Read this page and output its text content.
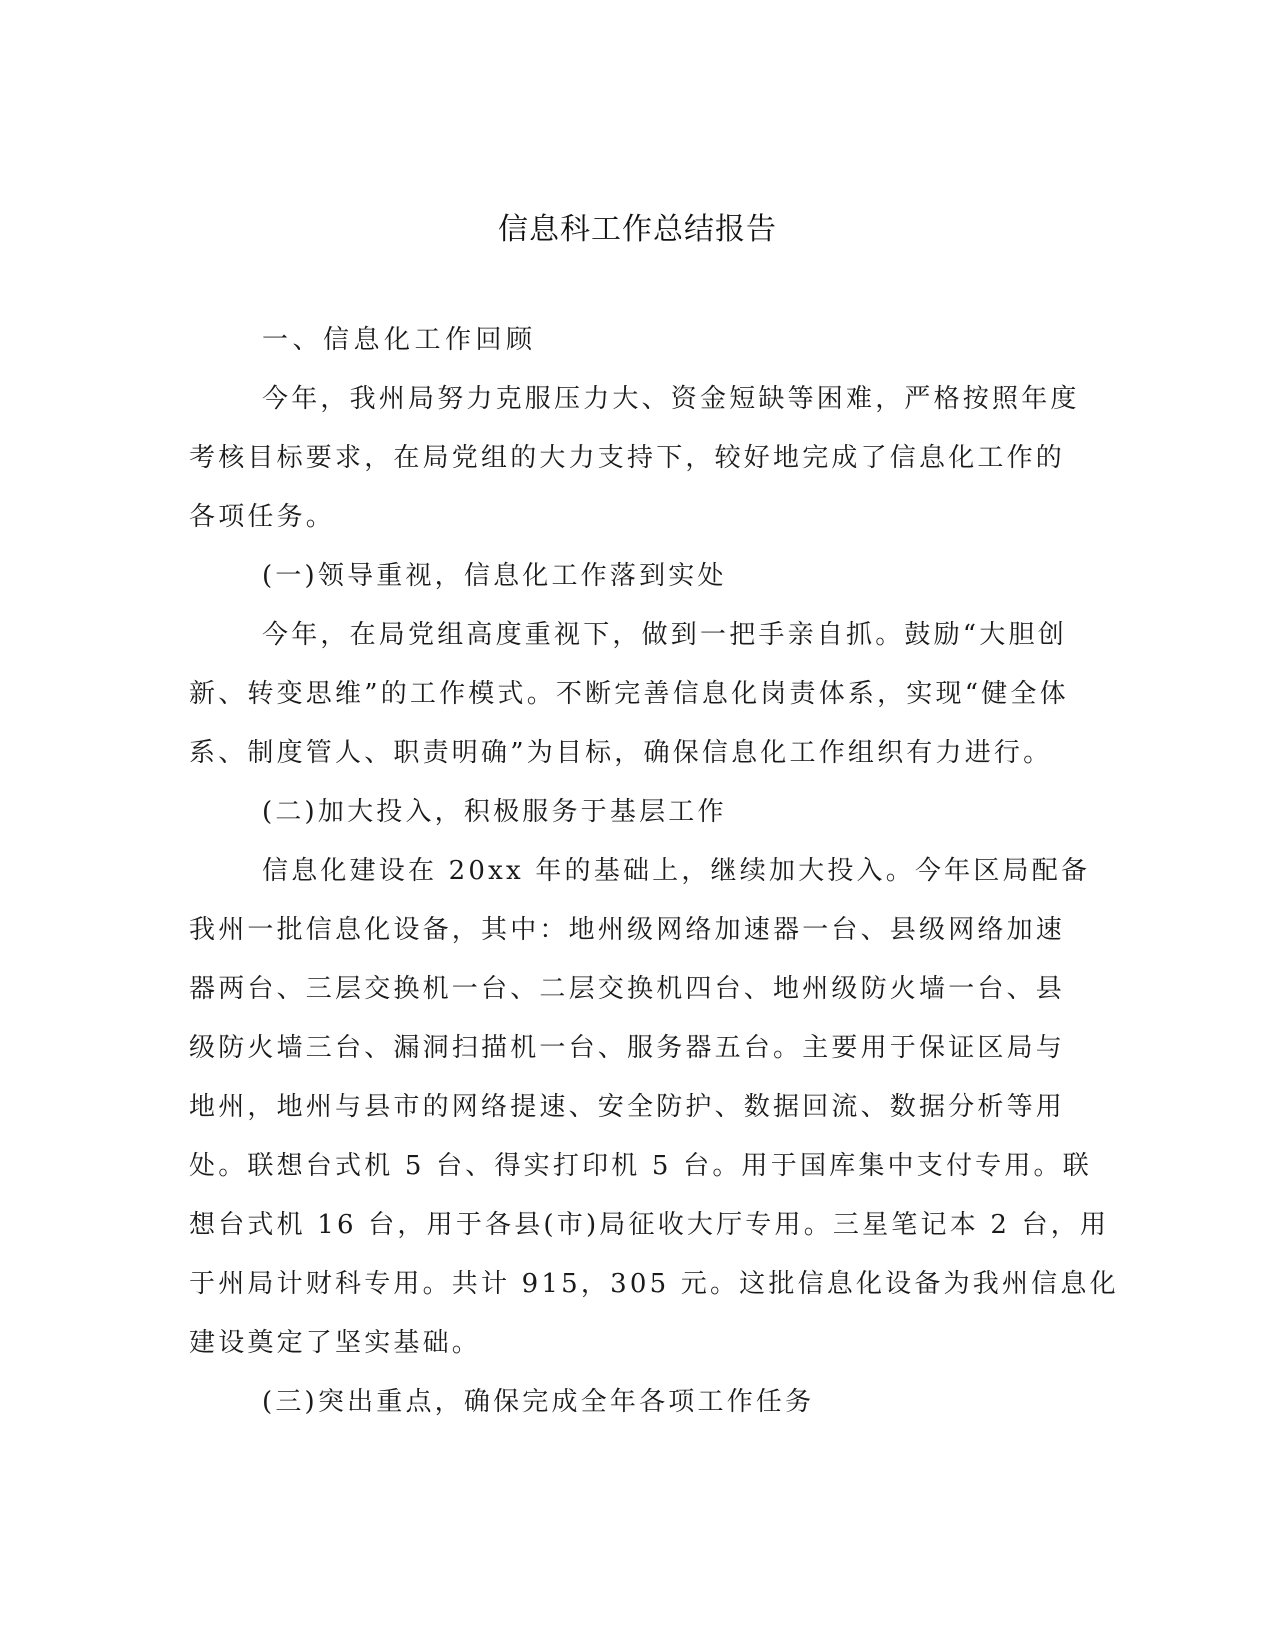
信息科工作总结报告
一、信息化工作回顾
今年，我州局努力克服压力大、资金短缺等困难，严格按照年度
考核目标要求，在局党组的大力支持下，较好地完成了信息化工作的
各项任务。
(一)领导重视，信息化工作落到实处
今年，在局党组高度重视下，做到一把手亲自抓。鼓励“大胆创
新、转变思维”的工作模式。不断完善信息化岗责体系，实现“健全体
系、制度管人、职责明确”为目标，确保信息化工作组织有力进行。
(二)加大投入，积极服务于基层工作
信息化建设在 20xx 年的基础上，继续加大投入。今年区局配备
我州一批信息化设备，其中：地州级网络加速器一台、县级网络加速
器两台、三层交换机一台、二层交换机四台、地州级防火墙一台、县
级防火墙三台、漏洞扫描机一台、服务器五台。主要用于保证区局与
地州，地州与县市的网络提速、安全防护、数据回流、数据分析等用
处。联想台式机 5 台、得实打印机 5 台。用于国库集中支付专用。联
想台式机 16 台，用于各县(市)局征收大厅专用。三星笔记本 2 台，用
于州局计财科专用。共计 915，305 元。这批信息化设备为我州信息化
建设奠定了坚实基础。
(三)突出重点，确保完成全年各项工作任务
